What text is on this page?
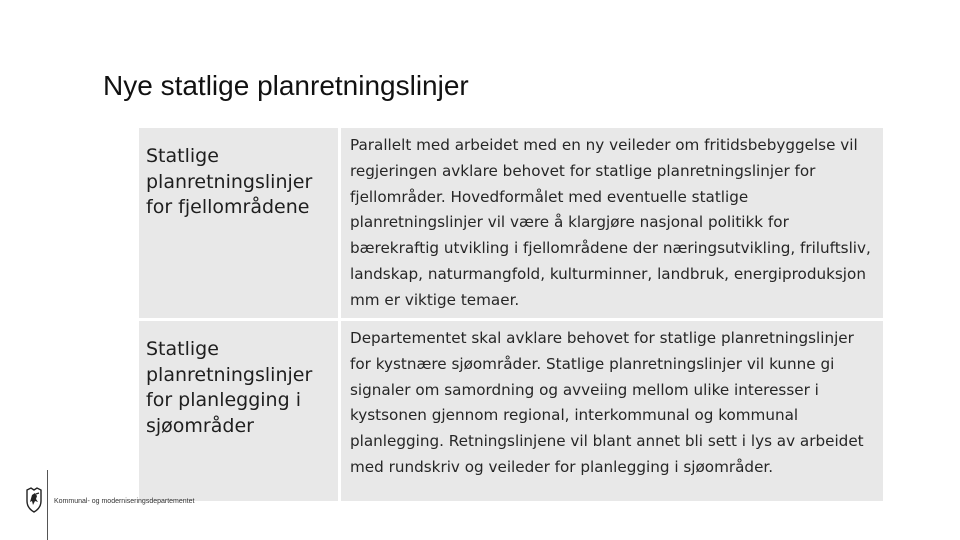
Nye statlige planretningslinjer
Statlige planretningslinjer for fjellområdene
Parallelt med arbeidet med en ny veileder om fritidsbebyggelse vil regjeringen avklare behovet for statlige planretningslinjer for fjellområder. Hovedformålet med eventuelle statlige planretningslinjer vil være å klargjøre nasjonal politikk for bærekraftig utvikling i fjellområdene der næringsutvikling, friluftsliv, landskap, naturmangfold, kulturminner, landbruk, energiproduksjon mm er viktige temaer.
Statlige planretningslinjer for planlegging i sjøområder
Departementet skal avklare behovet for statlige planretningslinjer for kystnære sjøområder. Statlige planretningslinjer vil kunne gi signaler om samordning og avveiing mellom ulike interesser i kystsonen gjennom regional, interkommunal og kommunal planlegging. Retningslinjene vil blant annet bli sett i lys av arbeidet med rundskriv og veileder for planlegging i sjøområder.
Kommunal- og moderniseringsdepartementet
